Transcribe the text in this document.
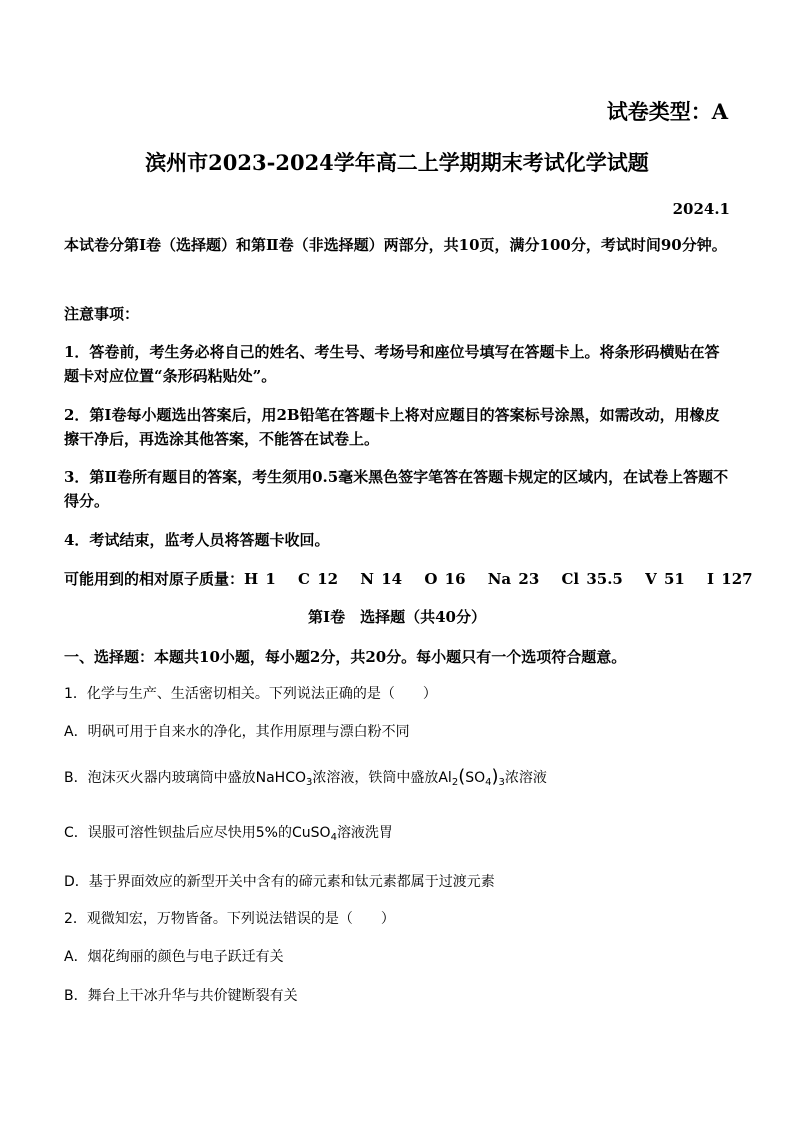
试卷类型：A
滨州市2023-2024学年高二上学期期末考试化学试题
2024.1
本试卷分第Ⅰ卷（选择题）和第Ⅱ卷（非选择题）两部分，共10页，满分100分，考试时间90分钟。
注意事项：
1．答卷前，考生务必将自己的姓名、考生号、考场号和座位号填写在答题卡上。将条形码横贴在答题卡对应位置“条形码粘贴处”。
2．第Ⅰ卷每小题选出答案后，用2B铅笔在答题卡上将对应题目的答案标号涂黑，如需改动，用橡皮擦干净后，再选涂其他答案，不能答在试卷上。
3．第Ⅱ卷所有题目的答案，考生须用0.5毫米黑色签字笔答在答题卡规定的区域内，在试卷上答题不得分。
4．考试结束，监考人员将答题卡收回。
可能用到的相对原子质量：H 1 　C 12 　N 14 　O 16 　Na 23 　Cl 35.5 　V 51 　I 127
第Ⅰ卷　选择题（共40分）
一、选择题：本题共10小题，每小题2分，共20分。每小题只有一个选项符合题意。
1．化学与生产、生活密切相关。下列说法正确的是（　　）
A．明矾可用于自来水的净化，其作用原理与漂白粉不同
B．泡沫灭火器内玻璃筒中盛放NaHCO$_3$浓溶液，铁筒中盛放$Al_2(SO_4)_3$浓溶液
C．误服可溶性钡盐后应尽快用5%的CuSO$_4$溶液洗胃
D．基于界面效应的新型开关中含有的碲元素和钛元素都属于过渡元素
2．观微知宏，万物皆备。下列说法错误的是（　　）
A．烟花绚丽的颜色与电子跃迁有关
B．舞台上干冰升华与共价键断裂有关
